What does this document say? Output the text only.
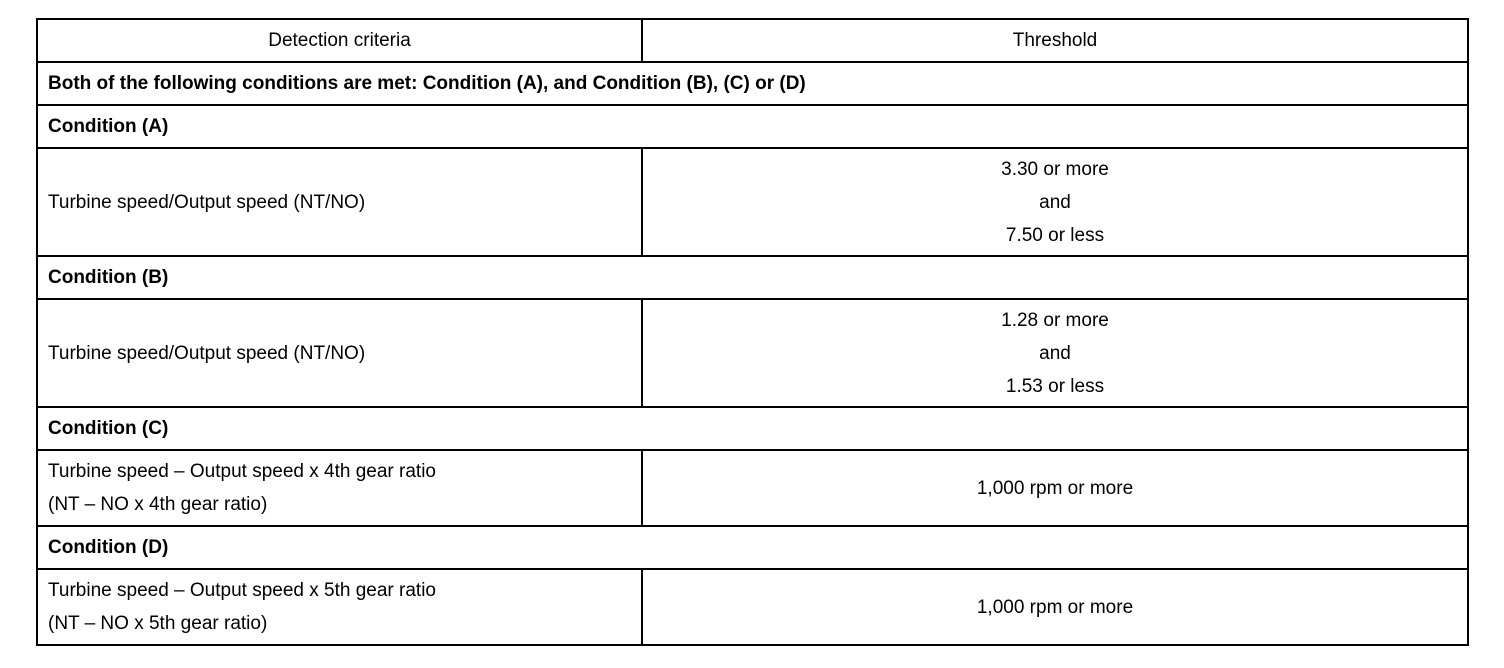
Detection criteria	Threshold
Both of the following conditions are met: Condition (A), and Condition (B), (C) or (D)	
Condition (A)	

Turbine speed/Output speed (NT/NO)	3.30 or more
and
7.50 or less

Condition (B)	

Turbine speed/Output speed (NT/NO)	1.28 or more
and
1.53 or less

Condition (C)	

Turbine speed – Output speed x 4th gear ratio
(NT – NO x 4th gear ratio)	1,000 rpm or more

Condition (D)	

Turbine speed – Output speed x 5th gear ratio
(NT – NO x 5th gear ratio)	1,000 rpm or more
